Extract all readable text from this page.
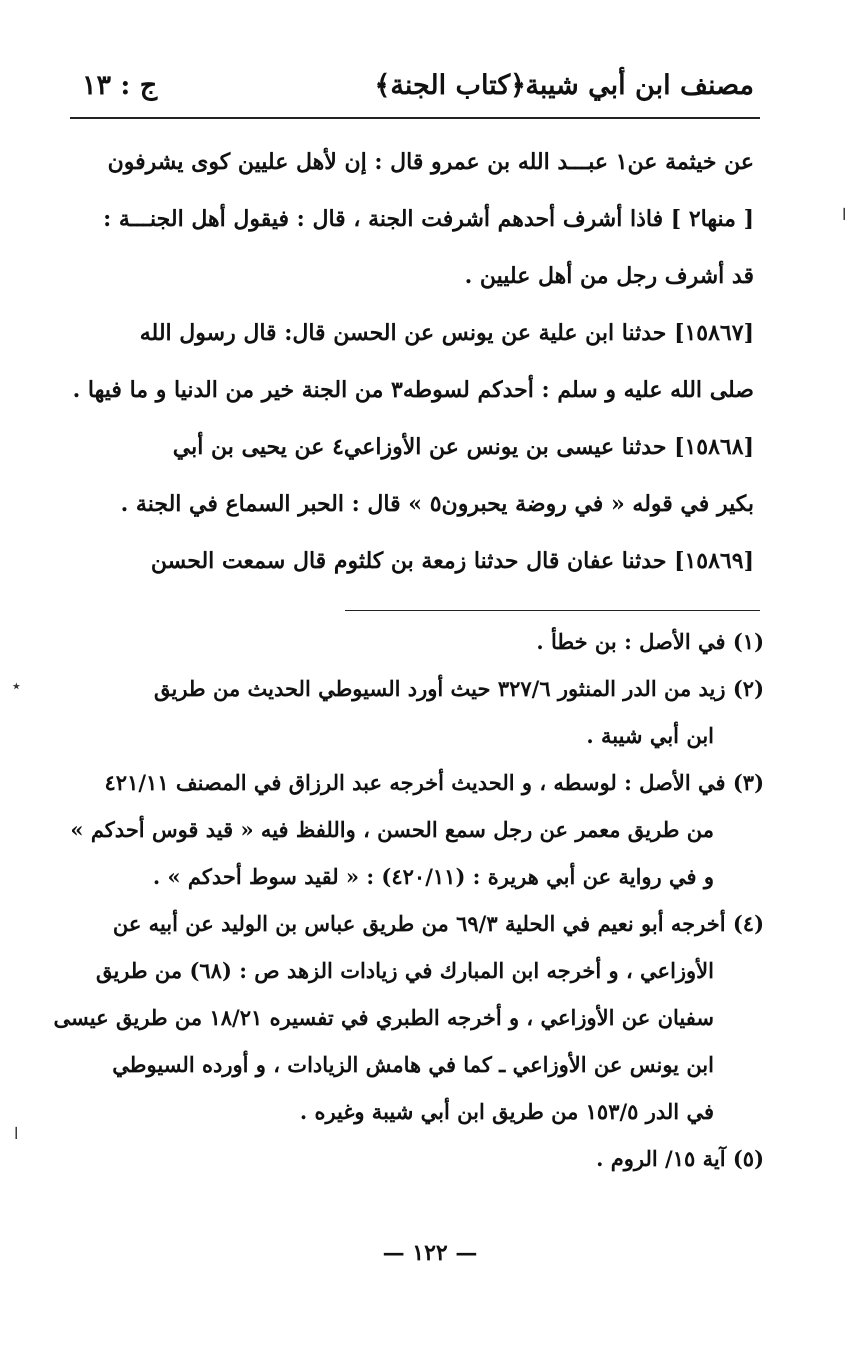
مصنف ابن أبي شيبة
﴿كتاب الجنة﴾
ج : ١٣

عن خيثمة عن١ عبـــد الله بن عمرو قال : إن لأهل عليين كوى يشرفون

[ منها٢ ] فاذا أشرف أحدهم أشرفت الجنة ، قال : فيقول أهل الجنـــة :

قد أشرف رجل من أهل عليين .

[١٥٨٦٧] حدثنا ابن علية عن يونس عن الحسن قال: قال رسول الله

صلى الله عليه و سلم : أحدكم لسوطه٣ من الجنة خير من الدنيا و ما فيها .

[١٥٨٦٨] حدثنا عيسى بن يونس عن الأوزاعي٤ عن يحيى بن أبي

بكير في قوله « في روضة يحبرون٥ » قال : الحبر السماع في الجنة .

[١٥٨٦٩] حدثنا عفان قال حدثنا زمعة بن كلثوم قال سمعت الحسن

(١) في الأصل : بن خطأ .

(٢) زيد من الدر المنثور ٣٢٧/٦ حيث أورد السيوطي الحديث من طريق

ابن أبي شيبة .

(٣) في الأصل : لوسطه ، و الحديث أخرجه عبد الرزاق في المصنف ٤٢١/١١

من طريق معمر عن رجل سمع الحسن ، واللفظ فيه « قيد قوس أحدكم »

و في رواية عن أبي هريرة : (٤٢٠/١١) : « لقيد سوط أحدكم » .

(٤) أخرجه أبو نعيم في الحلية ٦٩/٣ من طريق عباس بن الوليد عن أبيه عن

الأوزاعي ، و أخرجه ابن المبارك في زيادات الزهد ص : (٦٨) من طريق

سفيان عن الأوزاعي ، و أخرجه الطبري في تفسيره ١٨/٢١ من طريق عيسى

ابن يونس عن الأوزاعي ـ كما في هامش الزيادات ، و أورده السيوطي

في الدر ١٥٣/٥ من طريق ابن أبي شيبة وغيره .

(٥) آية ١٥/ الروم .

— ١٢٢ —
ا
٭
ا
